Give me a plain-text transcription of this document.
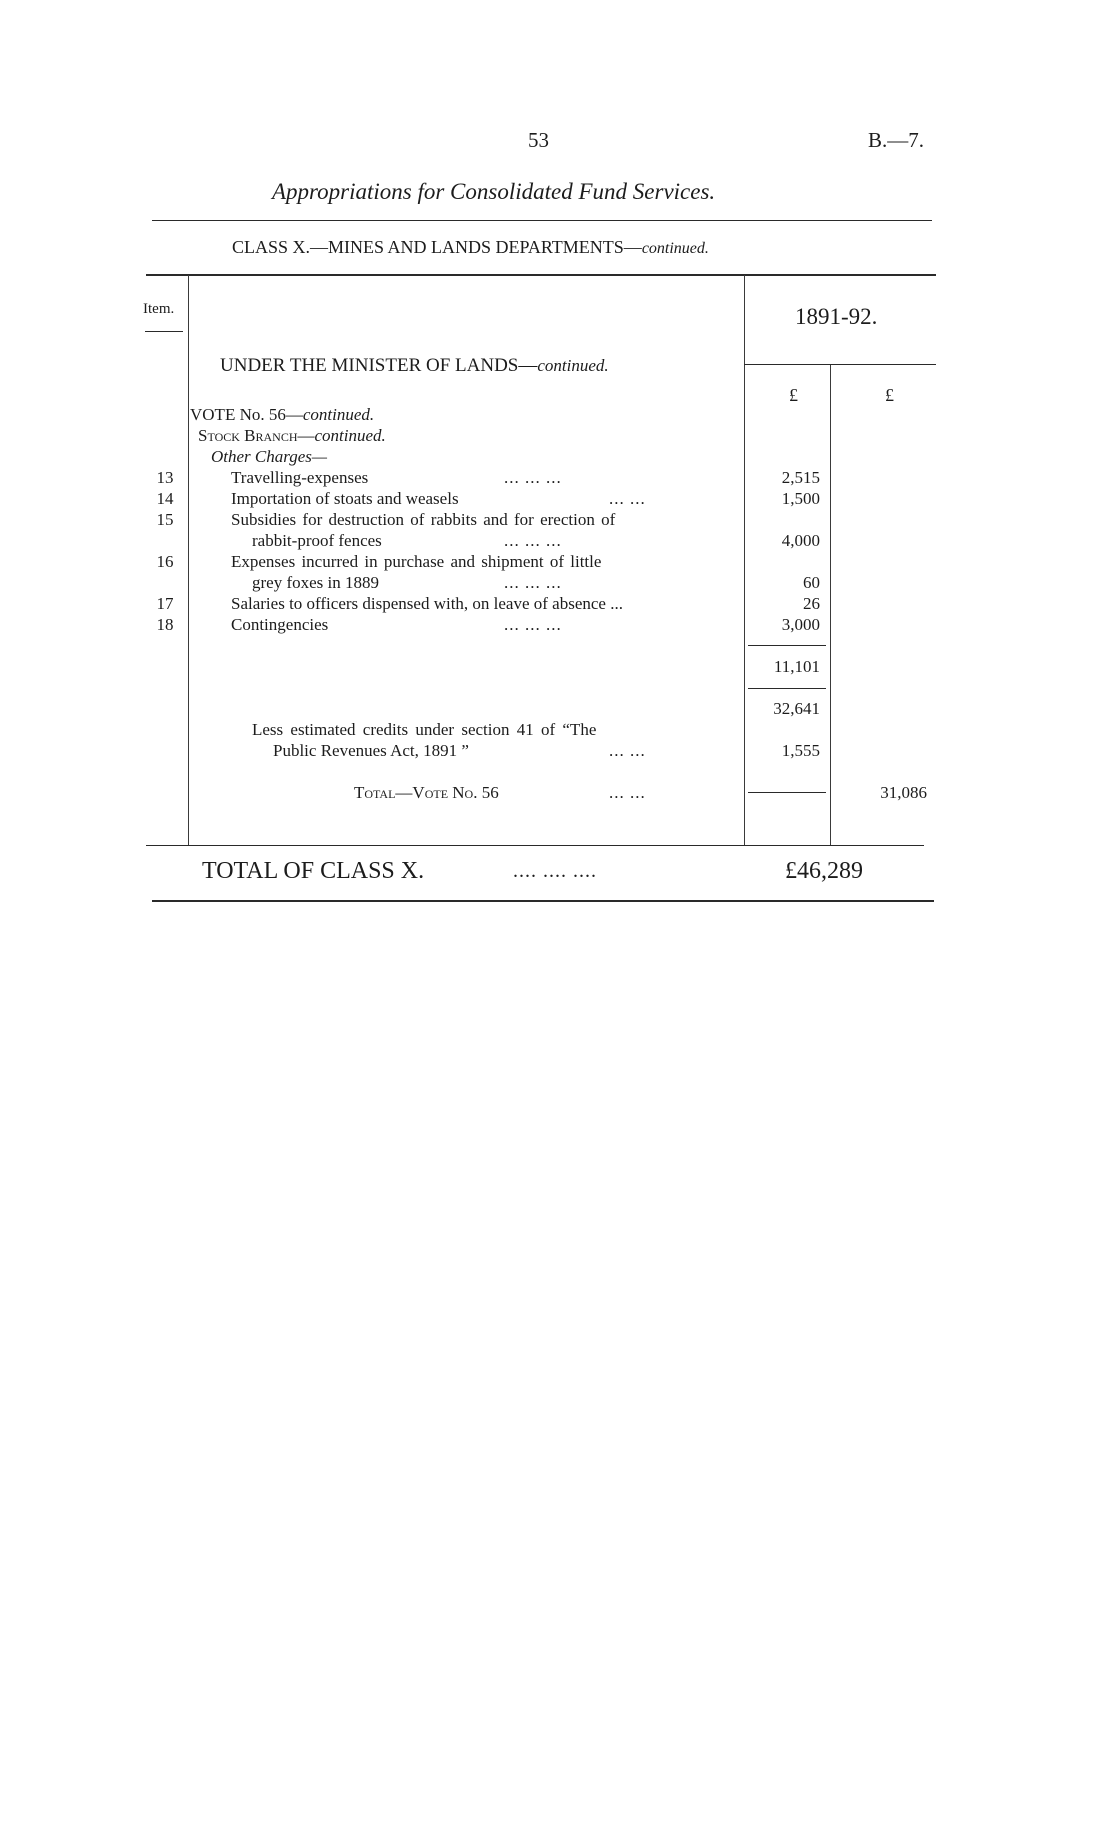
53	B.—7.
Appropriations for Consolidated Fund Services.
CLASS X.—MINES AND LANDS DEPARTMENTS—continued.
Item.	1891-92.
£	£
UNDER THE MINISTER OF LANDS—continued.
VOTE No. 56—continued.
Stock Branch—continued.
Other Charges—
13	Travelling-expenses	... ... ...	2,515
14	Importation of stoats and weasels	... ...	1,500
15	Subsidies for destruction of rabbits and for erection of
rabbit-proof fences	... ... ...	4,000
16	Expenses incurred in purchase and shipment of little
grey foxes in 1889	... ... ...	60
17	Salaries to officers dispensed with, on leave of absence ...	26
18	Contingencies	... ... ...	3,000
11,101
32,641
Less estimated credits under section 41 of “The
Public Revenues Act, 1891 ”	... ...	1,555
Total—Vote No. 56	... ...	31,086
TOTAL OF CLASS X.	.... .... ....	£46,289
